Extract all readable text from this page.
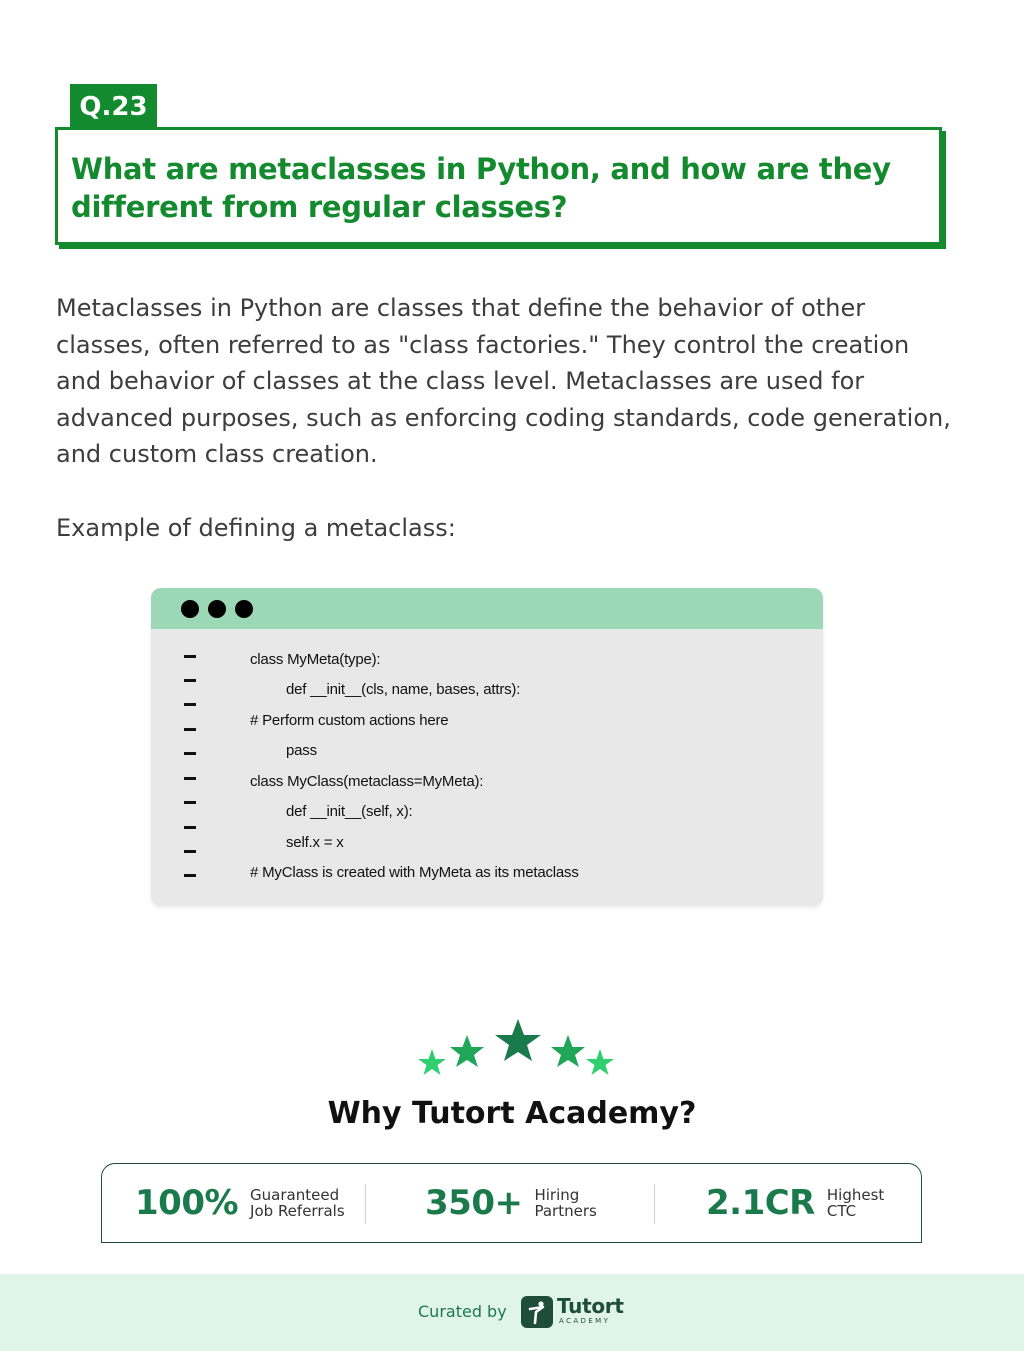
Q.23
What are metaclasses in Python, and how are they different from regular classes?
Metaclasses in Python are classes that define the behavior of other classes, often referred to as "class factories." They control the creation and behavior of classes at the class level. Metaclasses are used for advanced purposes, such as enforcing coding standards, code generation, and custom class creation.
Example of defining a metaclass:
class MyMeta(type):
def __init__(cls, name, bases, attrs):
# Perform custom actions here
pass
class MyClass(metaclass=MyMeta):
def __init__(self, x):
self.x = x
# MyClass is created with MyMeta as its metaclass
Why Tutort Academy?
100% Guaranteed
Job Referrals 350+ Hiring
Partners	2.1CR Highest
CTC
Curated by	Tutort
ACADEMY
